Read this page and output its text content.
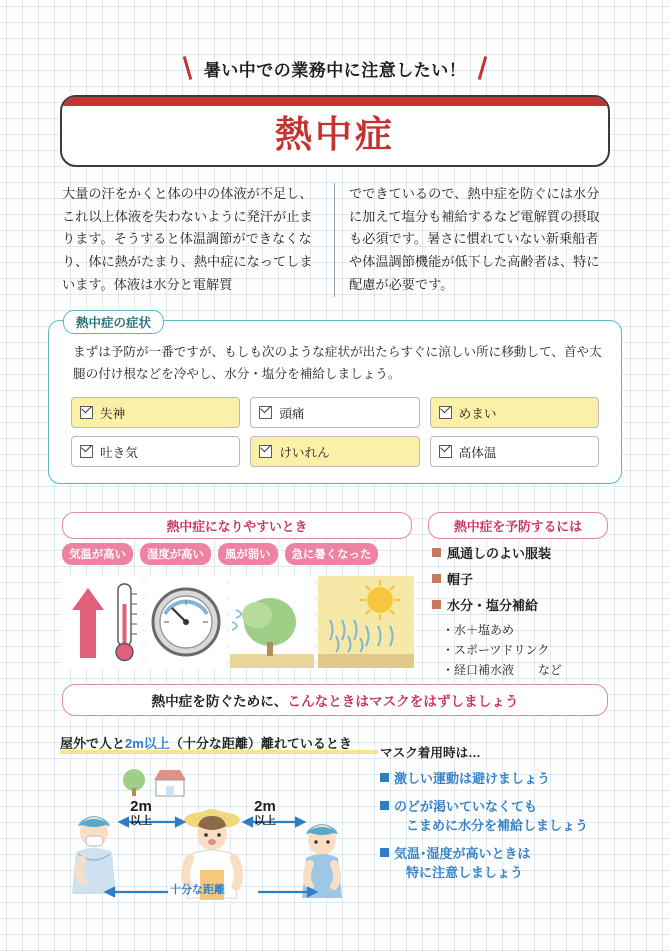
暑い中での業務中に注意したい！
熱中症
大量の汗をかくと体の中の体液が不足し、これ以上体液を失わないように発汗が止まります。そうすると体温調節ができなくなり、体に熱がたまり、熱中症になってしまいます。体液は水分と電解質
でできているので、熱中症を防ぐには水分に加えて塩分も補給するなど電解質の摂取も必須です。暑さに慣れていない新乗船者や体温調節機能が低下した高齢者は、特に配慮が必要です。
熱中症の症状
まずは予防が一番ですが、もしも次のような症状が出たらすぐに涼しい所に移動して、首や太腿の付け根などを冷やし、水分・塩分を補給しましょう。
失神	頭痛	めまい
吐き気	けいれん	高体温
熱中症になりやすいとき	熱中症を予防するには
気温が高い	湿度が高い	風が弱い	急に暑くなった	風通しのよい服装
帽子
水分・塩分補給
・水＋塩あめ
・スポーツドリンク
・経口補水液　　など
熱中症を防ぐために、こんなときはマスクをはずしましょう
屋外で人と2m以上（十分な距離）離れているとき
2m
以上
2m
以上
十分な距離
マスク着用時は…
激しい運動は避けましょう
のどが渇いていなくても
こまめに水分を補給しましょう
気温･湿度が高いときは
特に注意しましょう
